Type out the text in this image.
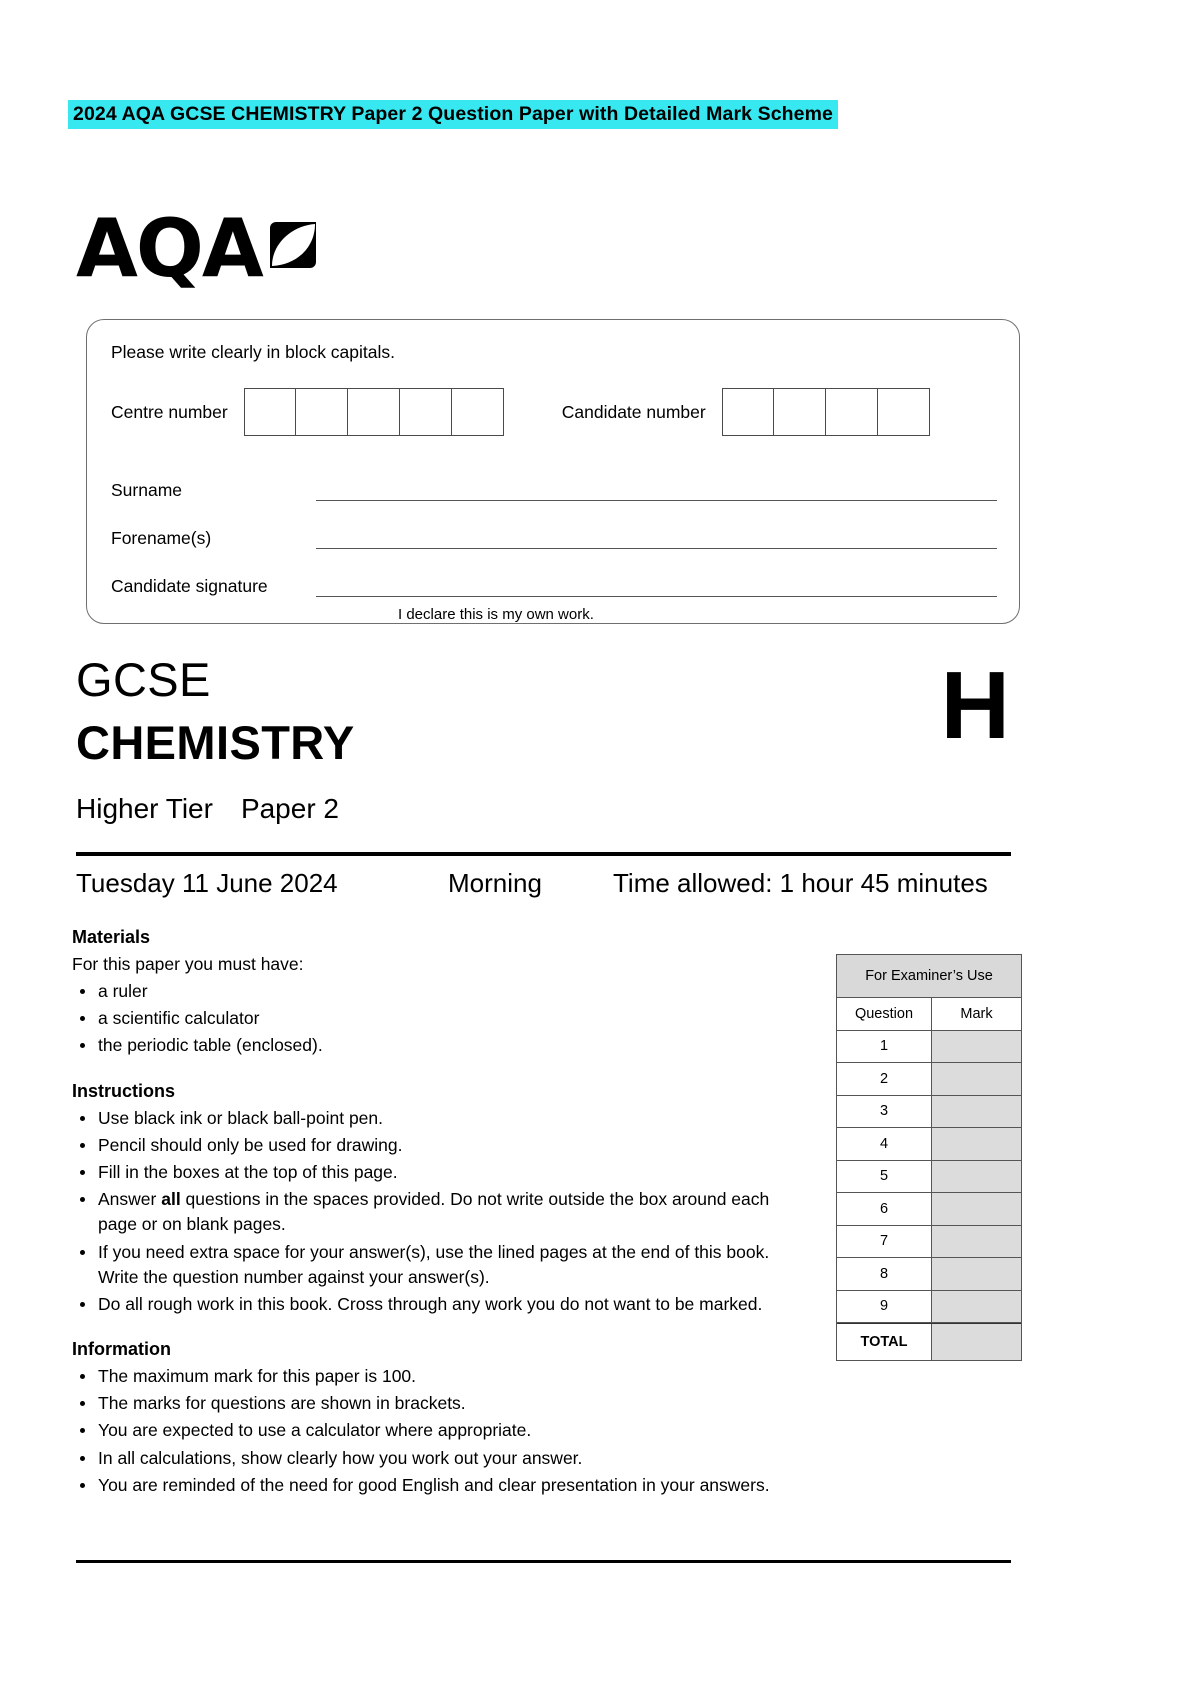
2024 AQA GCSE CHEMISTRY Paper 2 Question Paper with Detailed Mark Scheme
AQA
Please write clearly in block capitals.
Centre number	Candidate number
Surname
Forename(s)
Candidate signature
I declare this is my own work.
GCSE
CHEMISTRY
Higher Tier Paper 2
H
Tuesday 11 June 2024	Morning	Time allowed: 1 hour 45 minutes
Materials
For this paper you must have:
a ruler
a scientific calculator
the periodic table (enclosed).
Instructions
Use black ink or black ball-point pen.
Pencil should only be used for drawing.
Fill in the boxes at the top of this page.
Answer all questions in the spaces provided. Do not write outside the box around each page or on blank pages.
If you need extra space for your answer(s), use the lined pages at the end of this book. Write the question number against your answer(s).
Do all rough work in this book. Cross through any work you do not want to be marked.
Information
The maximum mark for this paper is 100.
The marks for questions are shown in brackets.
You are expected to use a calculator where appropriate.
In all calculations, show clearly how you work out your answer.
You are reminded of the need for good English and clear presentation in your answers.
For Examiner’s Use
Question	Mark
1
2
3
4
5
6
7
8
9
TOTAL
